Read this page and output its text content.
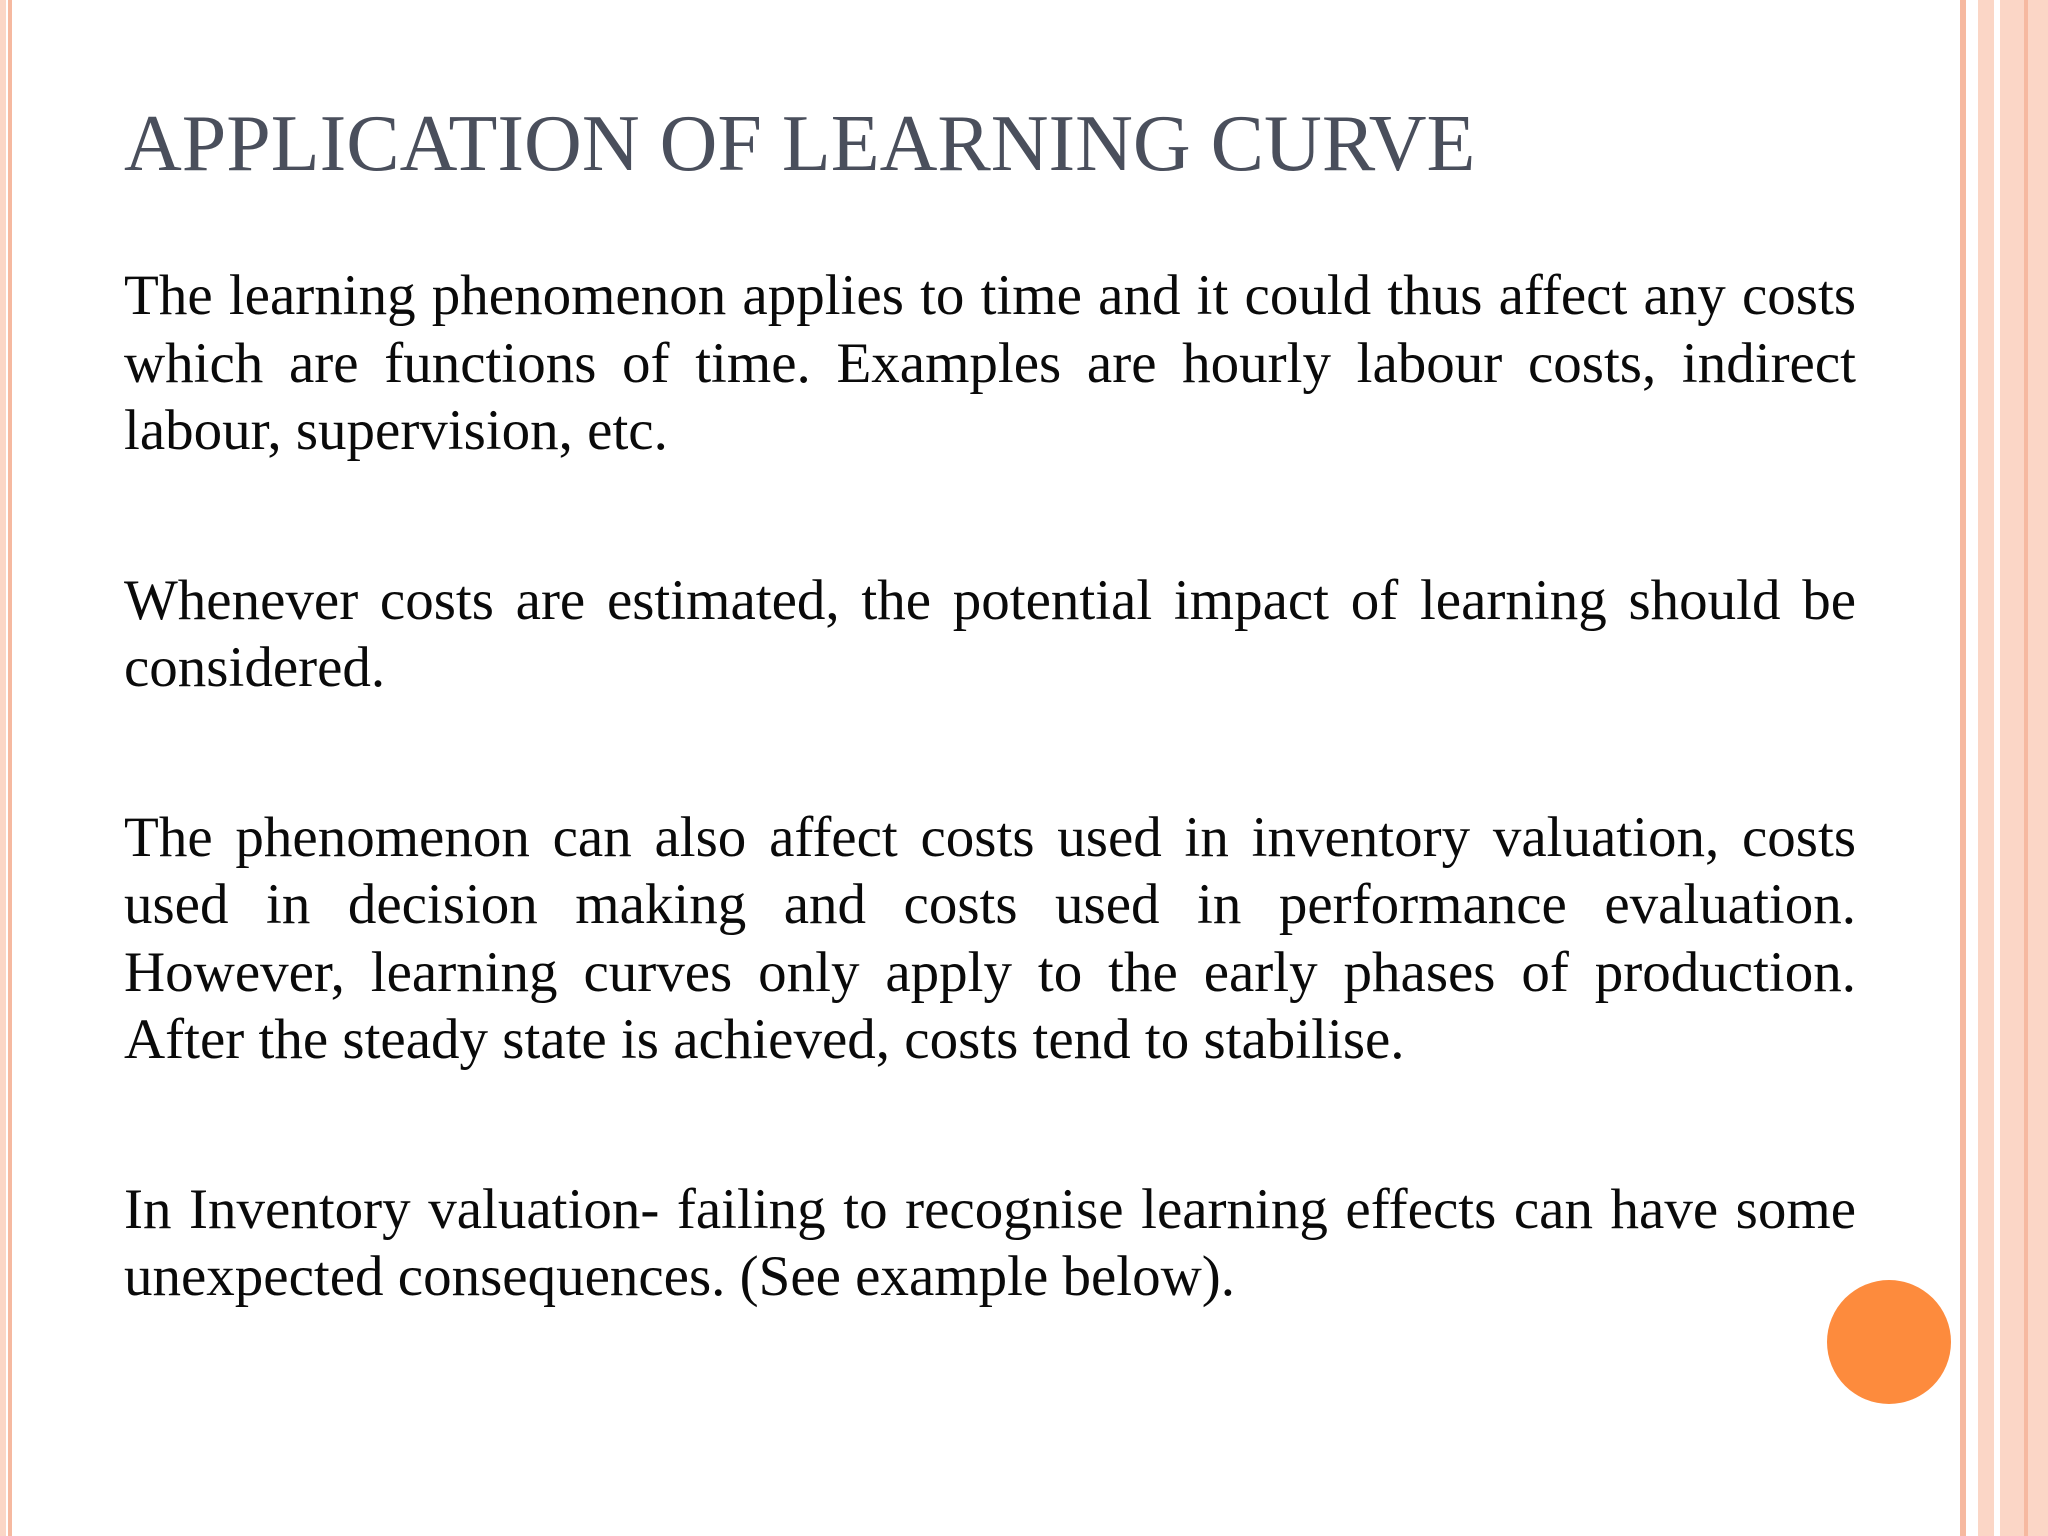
APPLICATION OF LEARNING CURVE

The learning phenomenon applies to time and it could thus affect any costs which are functions of time. Examples are hourly labour costs, indirect labour, supervision, etc.

Whenever costs are estimated, the potential impact of learning should be considered.

The phenomenon can also affect costs used in inventory valuation, costs used in decision making and costs used in performance evaluation. However, learning curves only apply to the early phases of production. After the steady state is achieved, costs tend to stabilise.

In Inventory valuation- failing to recognise learning effects can have some unexpected consequences. (See example below).
